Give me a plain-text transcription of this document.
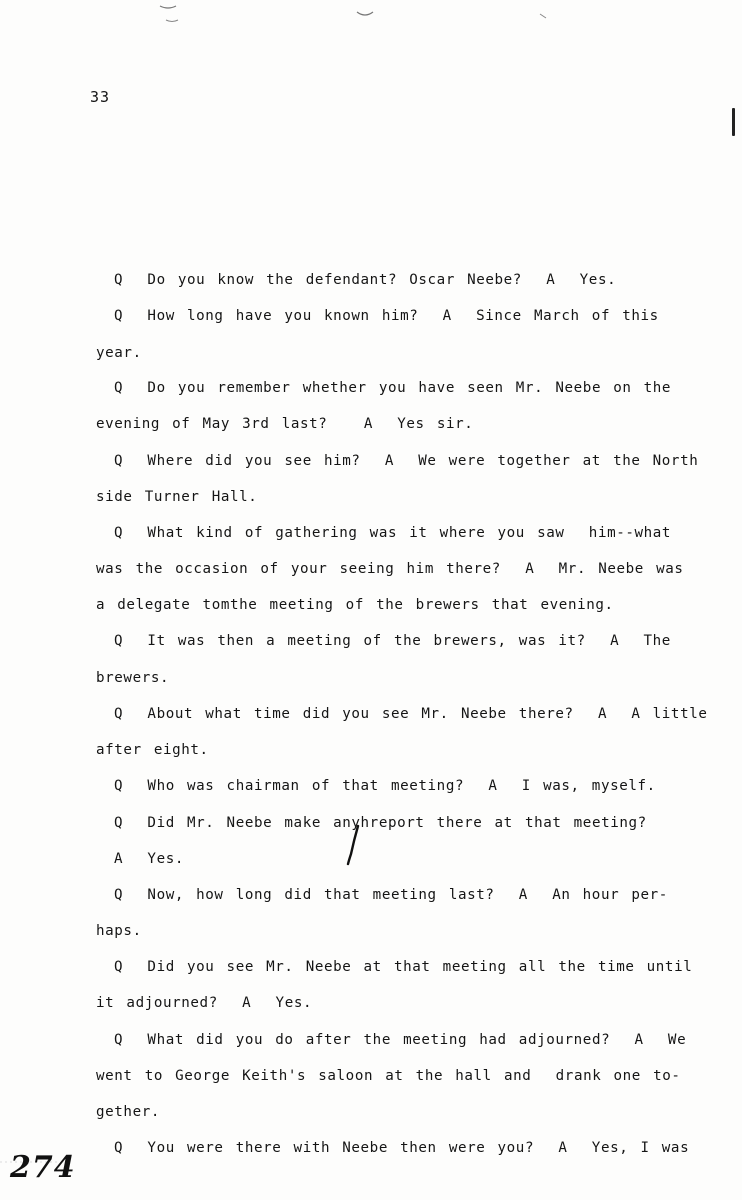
33
Q  Do you know the defendant? Oscar Neebe?  A  Yes.
Q  How long have you known him?  A  Since March of this
year.
Q  Do you remember whether you have seen Mr. Neebe on the
evening of May 3rd last?   A  Yes sir.
Q  Where did you see him?  A  We were together at the North
side Turner Hall.
Q  What kind of gathering was it where you saw  him--what
was the occasion of your seeing him there?  A  Mr. Neebe was
a delegate tomthe meeting of the brewers that evening.
Q  It was then a meeting of the brewers, was it?  A  The
brewers.
Q  About what time did you see Mr. Neebe there?  A  A little
after eight.
Q  Who was chairman of that meeting?  A  I was, myself.
Q  Did Mr. Neebe make anyhreport there at that meeting?
A  Yes.
Q  Now, how long did that meeting last?  A  An hour per-
haps.
Q  Did you see Mr. Neebe at that meeting all the time until
it adjourned?  A  Yes.
Q  What did you do after the meeting had adjourned?  A  We
went to George Keith's saloon at the hall and  drank one to-
gether.
Q  You were there with Neebe then were you?  A  Yes, I was
274
